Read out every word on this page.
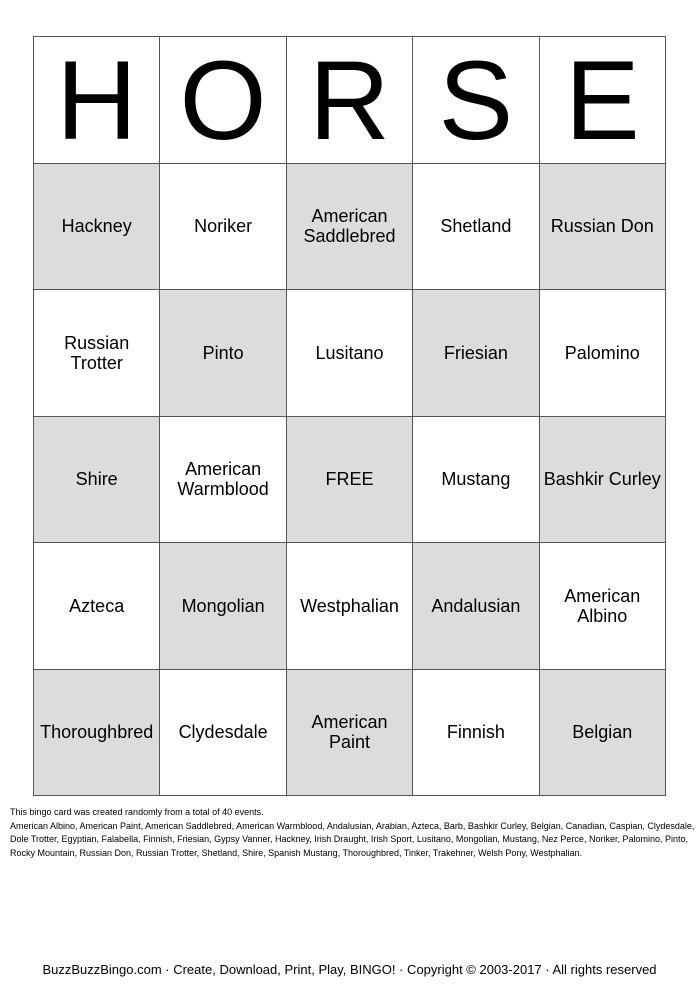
H O R S E
Hackney	Noriker	American Saddlebred	Shetland	Russian Don
Russian Trotter	Pinto	Lusitano	Friesian	Palomino
Shire	American Warmblood	FREE	Mustang	Bashkir Curley
Azteca	Mongolian	Westphalian	Andalusian	American Albino
Thoroughbred	Clydesdale	American Paint	Finnish	Belgian
This bingo card was created randomly from a total of 40 events.
American Albino, American Paint, American Saddlebred, American Warmblood, Andalusian, Arabian, Azteca, Barb, Bashkir Curley, Belgian, Canadian, Caspian, Clydesdale, Dole Trotter, Egyptian, Falabella, Finnish, Friesian, Gypsy Vanner, Hackney, Irish Draught, Irish Sport, Lusitano, Mongolian, Mustang, Nez Perce, Noriker, Palomino, Pinto, Rocky Mountain, Russian Don, Russian Trotter, Shetland, Shire, Spanish Mustang, Thoroughbred, Tinker, Trakehner, Welsh Pony, Westphalian.
BuzzBuzzBingo.com · Create, Download, Print, Play, BINGO! · Copyright © 2003-2017 · All rights reserved
